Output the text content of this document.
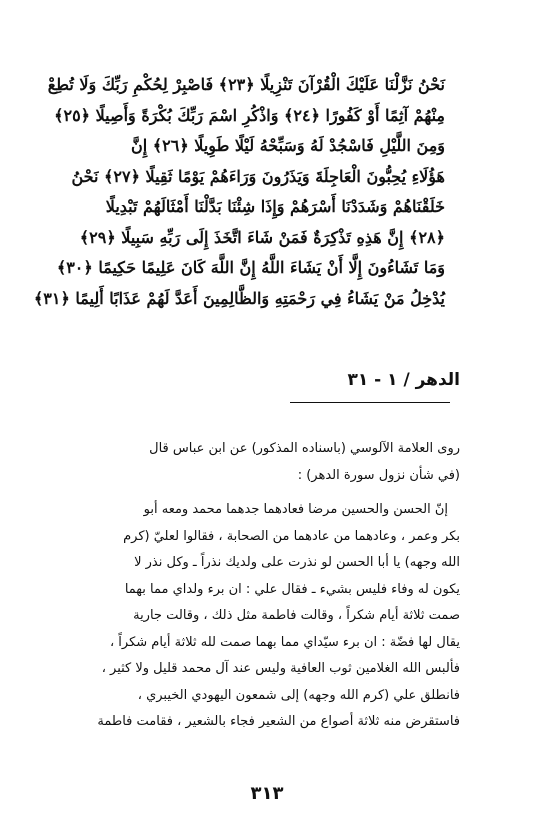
نَحْنُ نَزَّلْنَا عَلَيْكَ الْقُرْآنَ تَنْزِيلًا ﴿٢٣﴾ فَاصْبِرْ لِحُكْمِ رَبِّكَ وَلَا تُطِعْ
مِنْهُمْ آثِمًا أَوْ كَفُورًا ﴿٢٤﴾ وَاذْكُرِ اسْمَ رَبِّكَ بُكْرَةً وَأَصِيلًا ﴿٢٥﴾
وَمِنَ اللَّيْلِ فَاسْجُدْ لَهُ وَسَبِّحْهُ لَيْلًا طَوِيلًا ﴿٢٦﴾ إِنَّ
هَؤُلَاءِ يُحِبُّونَ الْعَاجِلَةَ وَيَذَرُونَ وَرَاءَهُمْ يَوْمًا ثَقِيلًا ﴿٢٧﴾ نَحْنُ
خَلَقْنَاهُمْ وَشَدَدْنَا أَسْرَهُمْ وَإِذَا شِئْنَا بَدَّلْنَا أَمْثَالَهُمْ تَبْدِيلًا
﴿٢٨﴾ إِنَّ هَذِهِ تَذْكِرَةٌ فَمَنْ شَاءَ اتَّخَذَ إِلَى رَبِّهِ سَبِيلًا ﴿٢٩﴾
وَمَا تَشَاءُونَ إِلَّا أَنْ يَشَاءَ اللَّهُ إِنَّ اللَّهَ كَانَ عَلِيمًا حَكِيمًا ﴿٣٠﴾
يُدْخِلُ مَنْ يَشَاءُ فِي رَحْمَتِهِ وَالظَّالِمِينَ أَعَدَّ لَهُمْ عَذَابًا أَلِيمًا ﴿٣١﴾
الدهر / ١ - ٣١

روى العلامة الآلوسي (باسناده المذكور) عن ابن عباس قال

(في شأن نزول سورة الدهر) :

إنّ الحسن والحسين مرضا فعادهما جدهما محمد ومعه أبو

بكر وعمر ، وعادهما من عادهما من الصحابة ، فقالوا لعليّ (كرم

الله وجهه) يا أبا الحسن لو نذرت على ولديك نذراً ـ وكل نذر لا

يكون له وفاء فليس بشيء ـ فقال علي : ان برء ولداي مما بهما

صمت ثلاثة أيام شكراً ، وقالت فاطمة مثل ذلك ، وقالت جارية

يقال لها فضّة : ان برء سيّداي مما بهما صمت لله ثلاثة أيام شكراً ،

فألبس الله الغلامين ثوب العافية وليس عند آل محمد قليل ولا كثير ،

فانطلق علي (كرم الله وجهه) إلى شمعون اليهودي الخيبري ،

فاستقرض منه ثلاثة أصواع من الشعير فجاء بالشعير ، فقامت فاطمة

٣١٣
